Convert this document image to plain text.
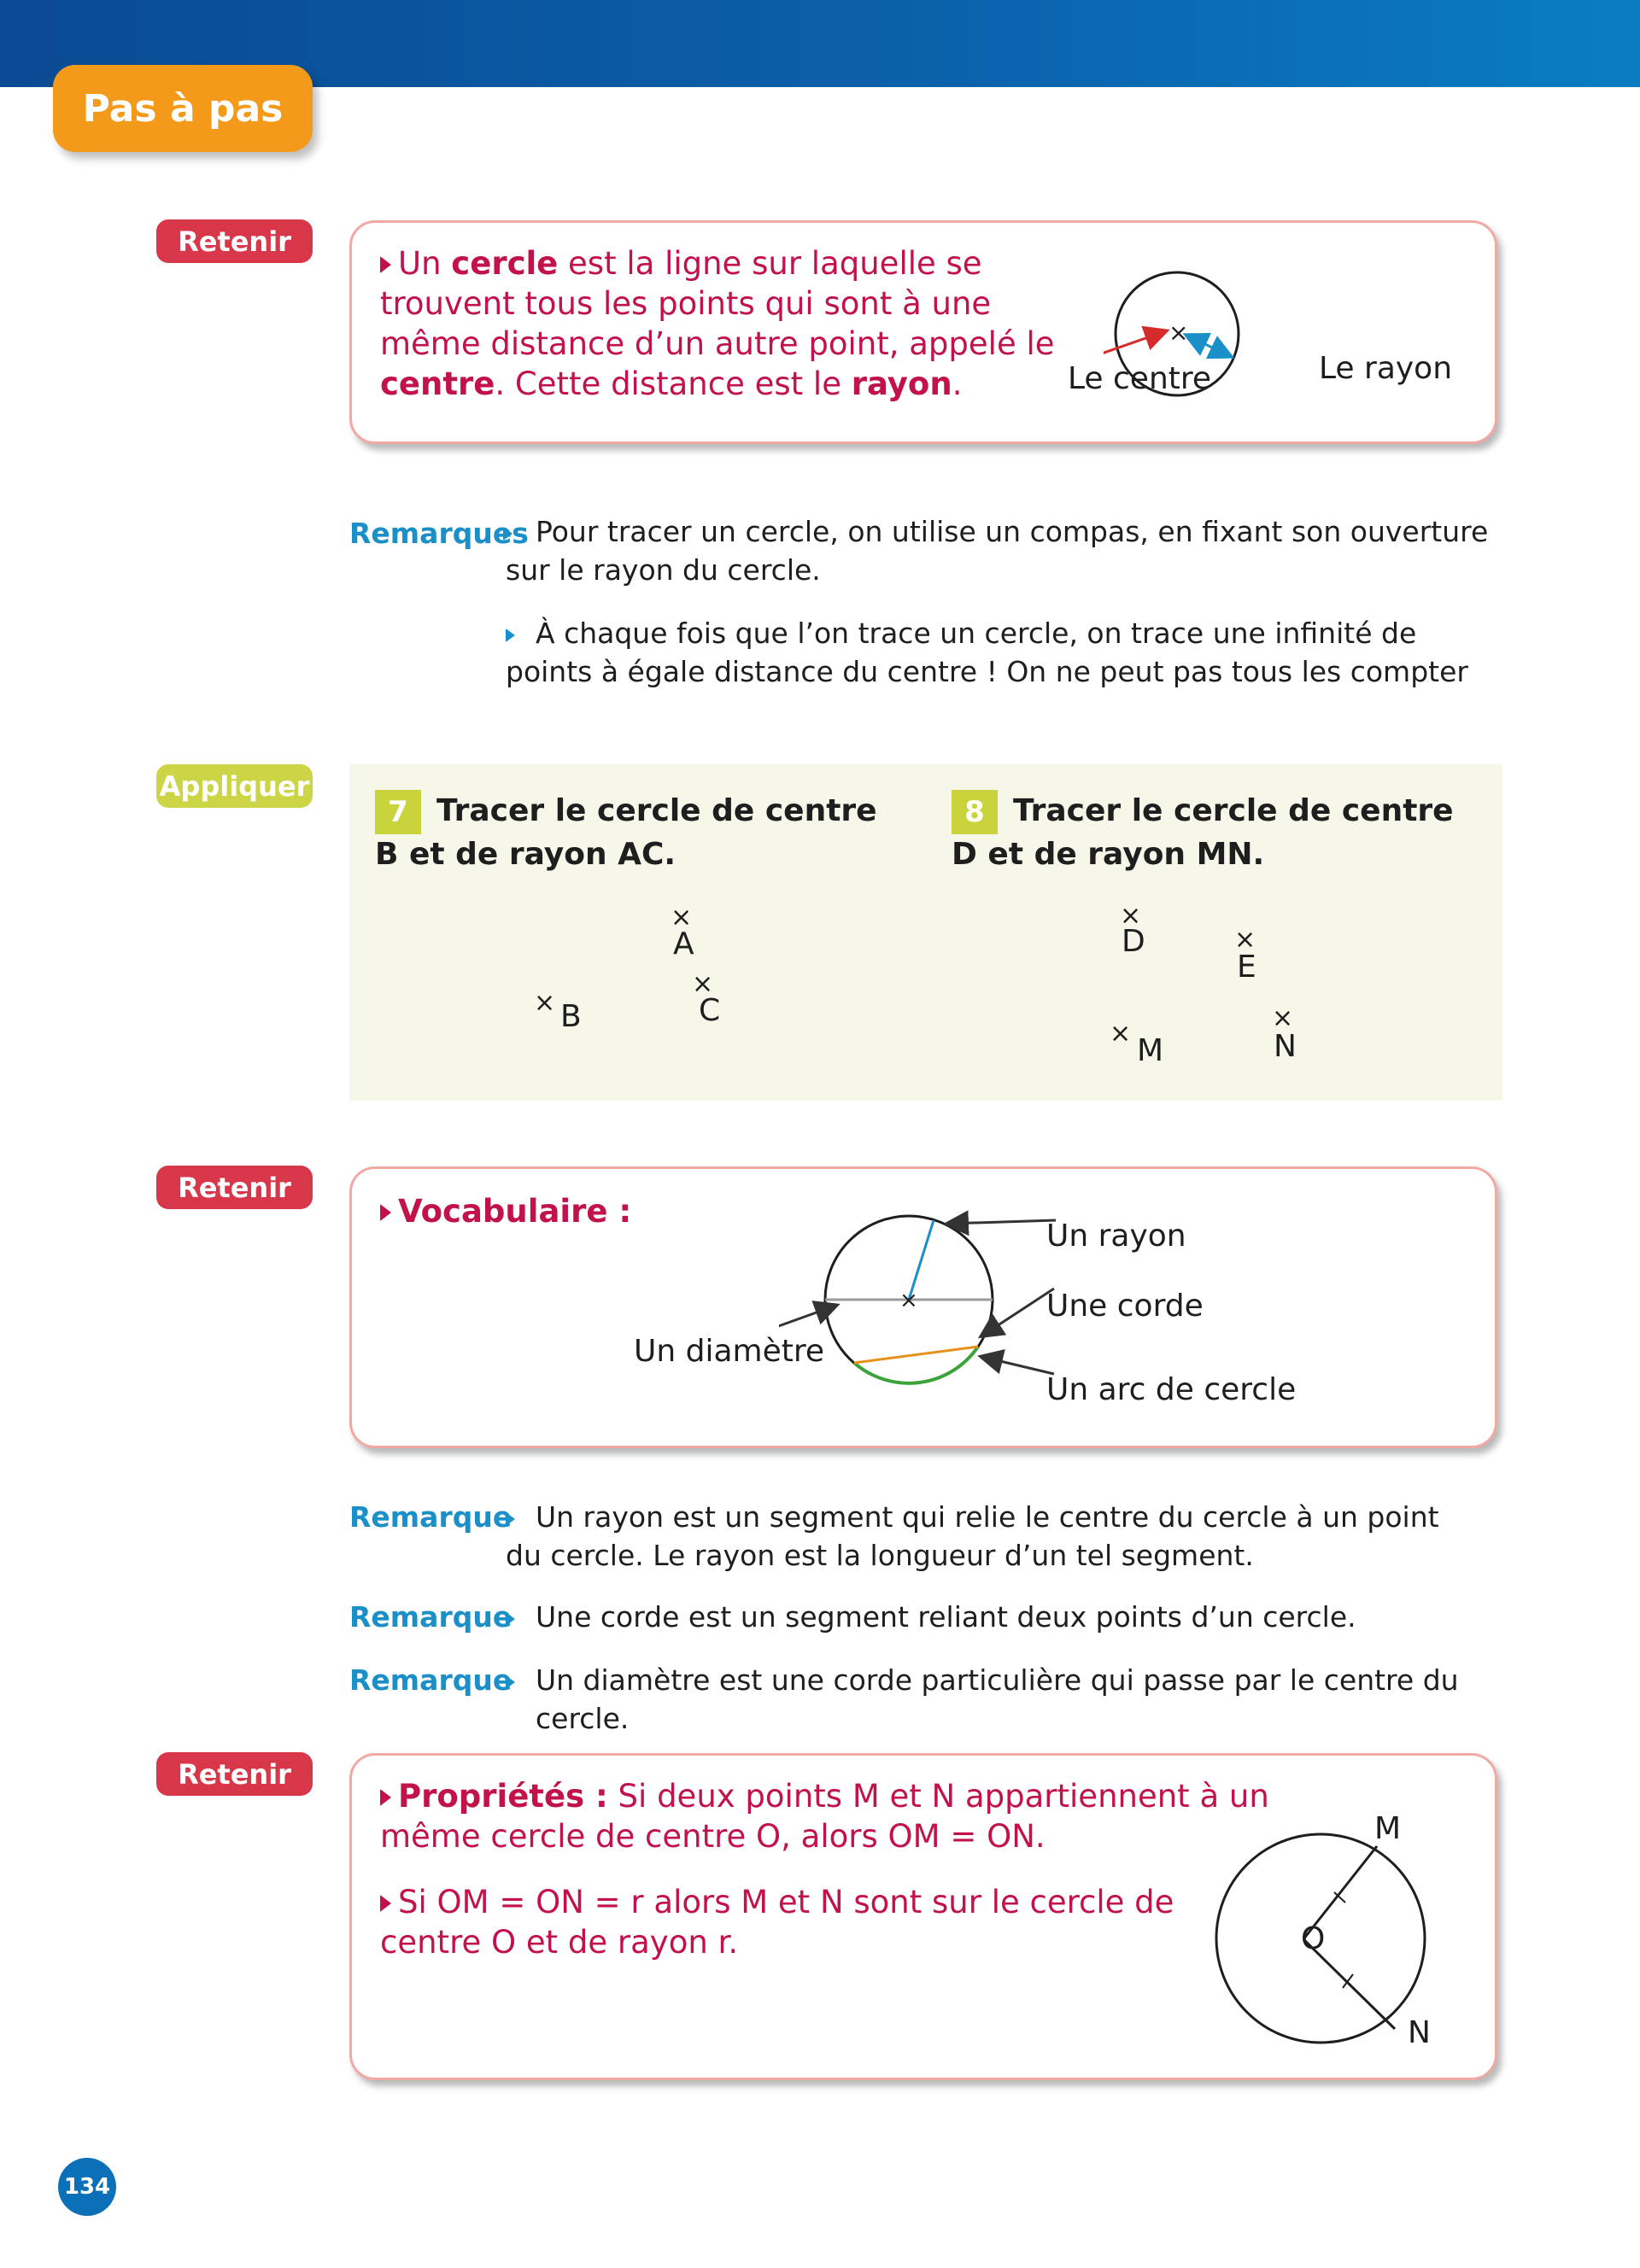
Pas à pas
Retenir
Un cercle est la ligne sur laquelle se trouvent tous les points qui sont à une même distance d’un autre point, appelé le centre. Cette distance est le rayon.
×
Le centre	Le rayon
Remarques Pour tracer un cercle, on utilise un compas, en fixant son ouverture sur le rayon du cercle.
À chaque fois que l’on trace un cercle, on trace une infinité de points à égale distance du centre ! On ne peut pas tous les compter
Appliquer
7 Tracer le cercle de centre B et de rayon AC.
×
A
× B
×
C
8 Tracer le cercle de centre D et de rayon MN.
×
D	×
E
× M
×
N
Retenir
Vocabulaire :
×
Un rayon
Une corde
Un diamètre
Un arc de cercle
Remarque Un rayon est un segment qui relie le centre du cercle à un point du cercle. Le rayon est la longueur d’un tel segment.
Remarque Une corde est un segment reliant deux points d’un cercle.
Remarque Un diamètre est une corde particulière qui passe par le centre du cercle.
Retenir
Propriétés : Si deux points M et N appartiennent à un même cercle de centre O, alors OM = ON.
Si OM = ON = r alors M et N sont sur le cercle de centre O et de rayon r.	O
M
N
134
